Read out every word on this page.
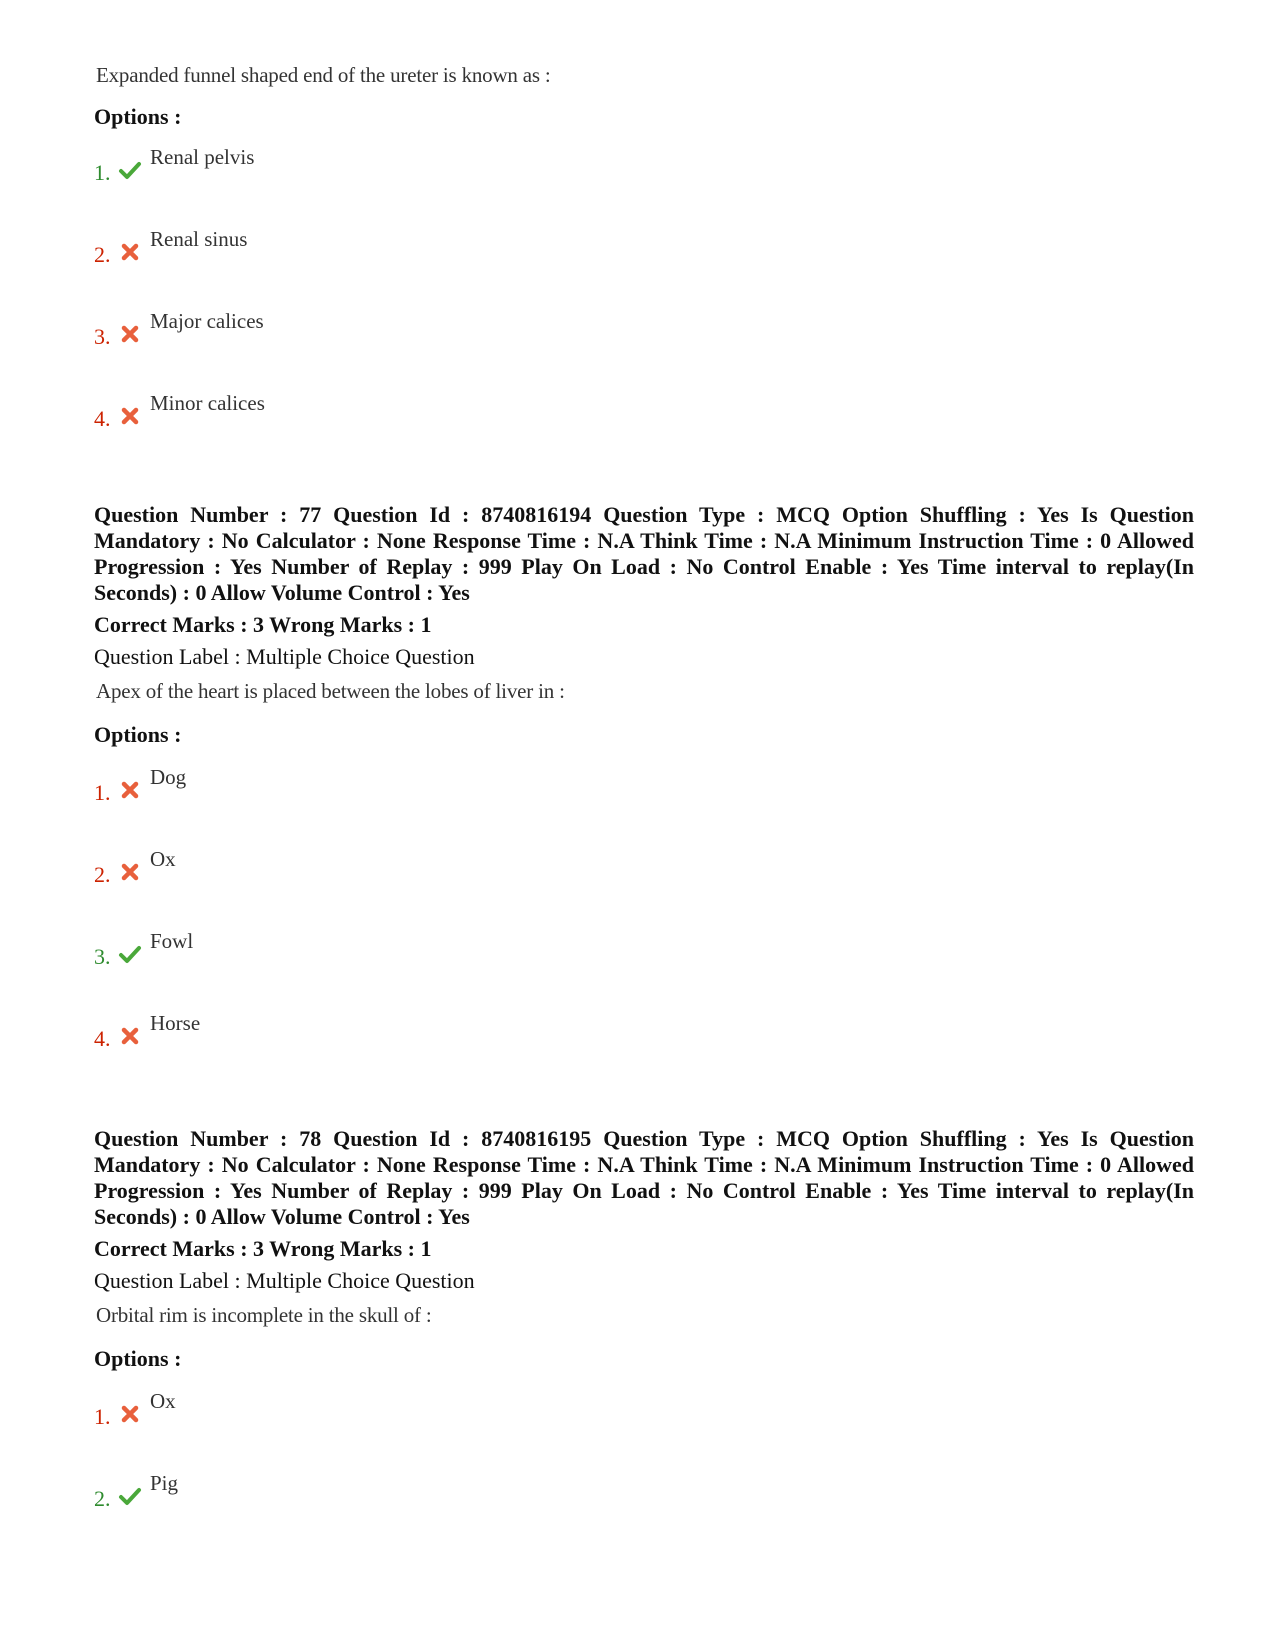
Expanded funnel shaped end of the ureter is known as :

Options :

1.
Renal pelvis
2.
Renal sinus
3.
Major calices
4.
Minor calices

Question Number : 77 Question Id : 8740816194 Question Type : MCQ Option Shuffling : Yes Is Question Mandatory : No Calculator : None Response Time : N.A Think Time : N.A Minimum Instruction Time : 0 Allowed Progression : Yes Number of Replay : 999 Play On Load : No Control Enable : Yes Time interval to replay(In Seconds) : 0 Allow Volume Control : Yes

Correct Marks : 3 Wrong Marks : 1

Question Label : Multiple Choice Question

Apex of the heart is placed between the lobes of liver in :

Options :

1.
Dog
2.
Ox
3.
Fowl
4.
Horse

Question Number : 78 Question Id : 8740816195 Question Type : MCQ Option Shuffling : Yes Is Question Mandatory : No Calculator : None Response Time : N.A Think Time : N.A Minimum Instruction Time : 0 Allowed Progression : Yes Number of Replay : 999 Play On Load : No Control Enable : Yes Time interval to replay(In Seconds) : 0 Allow Volume Control : Yes

Correct Marks : 3 Wrong Marks : 1

Question Label : Multiple Choice Question

Orbital rim is incomplete in the skull of :

Options :

1.
Ox
2.
Pig
